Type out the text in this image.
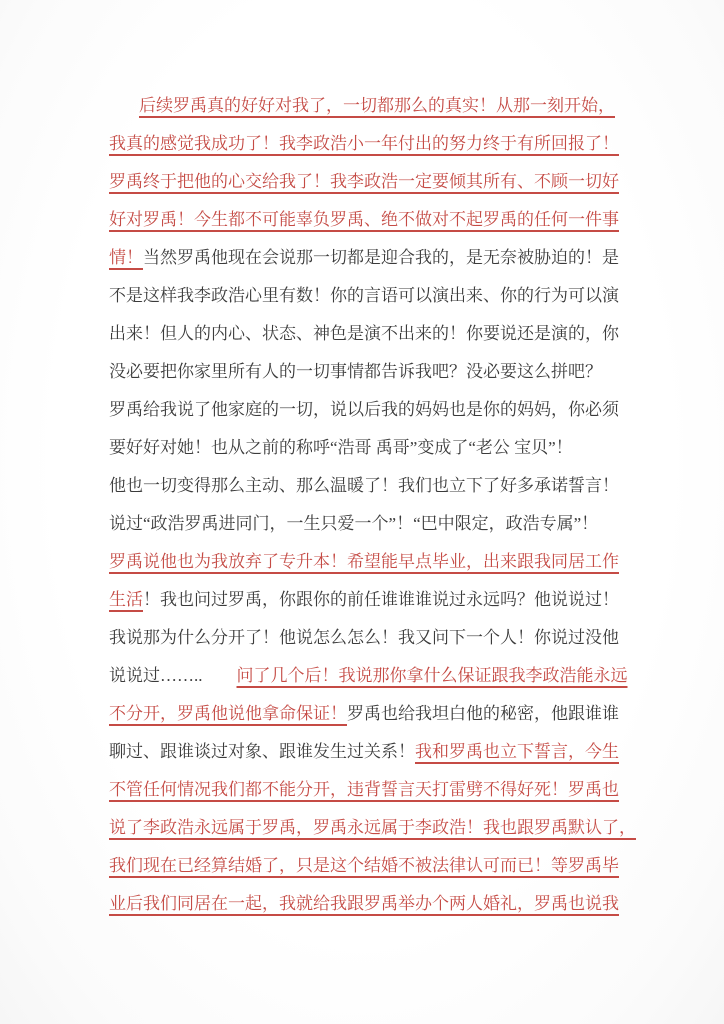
后续罗禹真的好好对我了，一切都那么的真实！从那一刻开始，
我真的感觉我成功了！我李政浩小一年付出的努力终于有所回报了！
罗禹终于把他的心交给我了！我李政浩一定要倾其所有、不顾一切好
好对罗禹！今生都不可能辜负罗禹、绝不做对不起罗禹的任何一件事
情！当然罗禹他现在会说那一切都是迎合我的，是无奈被胁迫的！是
不是这样我李政浩心里有数！你的言语可以演出来、你的行为可以演
出来！但人的内心、状态、神色是演不出来的！你要说还是演的，你
没必要把你家里所有人的一切事情都告诉我吧？没必要这么拼吧？
罗禹给我说了他家庭的一切，说以后我的妈妈也是你的妈妈，你必须
要好好对她！也从之前的称呼“浩哥 禹哥”变成了“老公 宝贝”！
他也一切变得那么主动、那么温暖了！我们也立下了好多承诺誓言！
说过“政浩罗禹进同门，一生只爱一个”！“巴中限定，政浩专属”！
罗禹说他也为我放弃了专升本！希望能早点毕业，出来跟我同居工作
生活！我也问过罗禹，你跟你的前任谁谁谁说过永远吗？他说说过！
我说那为什么分开了！他说怎么怎么！我又问下一个人！你说过没他
说说过……..　　问了几个后！我说那你拿什么保证跟我李政浩能永远
不分开，罗禹他说他拿命保证！罗禹也给我坦白他的秘密，他跟谁谁
聊过、跟谁谈过对象、跟谁发生过关系！我和罗禹也立下誓言，今生
不管任何情况我们都不能分开，违背誓言天打雷劈不得好死！罗禹也
说了李政浩永远属于罗禹，罗禹永远属于李政浩！我也跟罗禹默认了，
我们现在已经算结婚了，只是这个结婚不被法律认可而已！等罗禹毕
业后我们同居在一起，我就给我跟罗禹举办个两人婚礼，罗禹也说我
